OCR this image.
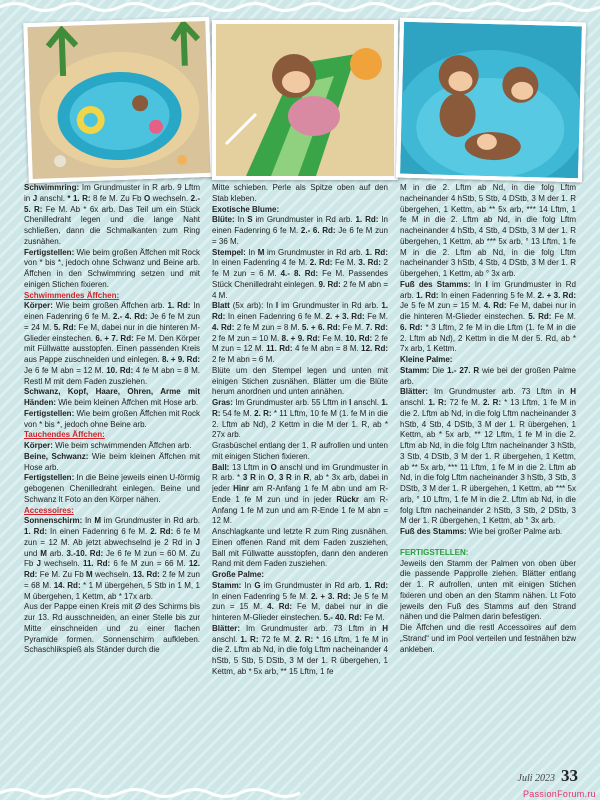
Schwimmring: Im Grundmuster in R arb. 9 Lftm in J anschl. * 1. R: 8 fe M. Zu Fb O wechseln. 2.- 5. R: Fe M. Ab * 6x arb. Das Teil um ein Stück Chenilledraht legen und die lange Naht schließen, dann die Schmalkanten zum Ring zusnähen.

Fertigstellen: Wie beim großen Äffchen mit Rock von * bis *, jedoch ohne Schwanz und Beine arb. Äffchen in den Schwimmring setzen und mit einigen Stichen fixieren.

Schwimmendes Äffchen:

Körper: Wie beim großen Äffchen arb. 1. Rd: In einen Fadenring 6 fe M. 2.- 4. Rd: Je 6 fe M zun = 24 M. 5. Rd: Fe M, dabei nur in die hinteren M-Glieder einstechen. 6. + 7. Rd: Fe M. Den Körper mit Füllwatte ausstopfen. Einen passenden Kreis aus Pappe zuschneiden und einlegen. 8. + 9. Rd: Je 6 fe M abn = 12 M. 10. Rd: 4 fe M abn = 8 M. Restl M mit dem Faden zusziehen.

Schwanz, Kopf, Haare, Ohren, Arme mit Händen: Wie beim kleinen Äffchen mit Hose arb.

Fertigstellen: Wie beim großen Äffchen mit Rock von * bis *, jedoch ohne Beine arb.

Tauchendes Äffchen:

Körper: Wie beim schwimmenden Äffchen arb.

Beine, Schwanz: Wie beim kleinen Äffchen mit Hose arb.

Fertigstellen: In die Beine jeweils einen U-förmig gebogenen Chenilledraht einlegen. Beine und Schwanz lt Foto an den Körper nähen.

Accessoires:

Sonnenschirm: In M im Grundmuster in Rd arb. 1. Rd: In einen Fadenring 6 fe M. 2. Rd: 6 fe M zun = 12 M. Ab jetzt abwechselnd je 2 Rd in J und M arb. 3.-10. Rd: Je 6 fe M zun = 60 M. Zu Fb J wechseln. 11. Rd: 6 fe M zun = 66 M. 12. Rd: Fe M. Zu Fb M wechseln. 13. Rd: 2 fe M zun = 68 M. 14. Rd: * 1 M übergehen, 5 Stb in 1 M, 1 M übergehen, 1 Kettm, ab * 17x arb.

Aus der Pappe einen Kreis mit Ø des Schirms bis zur 13. Rd ausschneiden, an einer Stelle bis zur Mitte einschneiden und zu einer flachen Pyramide formen. Sonnenschirm aufkleben. Schaschlikspieß als Ständer durch die

Mitte schieben. Perle als Spitze oben auf den Stab kleben.

Exotische Blume:

Blüte: In S im Grundmuster in Rd arb. 1. Rd: In einen Fadenring 6 fe M. 2.- 6. Rd: Je 6 fe M zun = 36 M.

Stempel: In M im Grundmuster in Rd arb. 1. Rd: In einen Fadenring 4 fe M. 2. Rd: Fe M. 3. Rd: 2 fe M zun = 6 M. 4.- 8. Rd: Fe M. Passendes Stück Chenilledraht einlegen. 9. Rd: 2 fe M abn = 4 M.

Blatt (5x arb): In I im Grundmuster in Rd arb. 1. Rd: In einen Fadenring 6 fe M. 2. + 3. Rd: Fe M. 4. Rd: 2 fe M zun = 8 M. 5. + 6. Rd: Fe M. 7. Rd: 2 fe M zun = 10 M. 8. + 9. Rd: Fe M. 10. Rd: 2 fe M zun = 12 M. 11. Rd: 4 fe M abn = 8 M. 12. Rd: 2 fe M abn = 6 M.

Blüte um den Stempel legen und unten mit einigen Stichen zusnähen. Blätter um die Blüte herum anordnen und unten annähen.

Gras: Im Grundmuster arb. 55 Lftm in I anschl. 1. R: 54 fe M. 2. R: * 11 Lftm, 10 fe M (1. fe M in die 2. Lftm ab Nd), 2 Kettm in die M der 1. R, ab * 27x arb.

Grasbüschel entlang der 1. R aufrollen und unten mit einigen Stichen fixieren.

Ball: 13 Lftm in O anschl und im Grundmuster in R arb. * 3 R in O, 3 R in R, ab * 3x arb, dabei in jeder Hinr am R-Anfang 1 fe M abn und am R-Ende 1 fe M zun und in jeder Rückr am R-Anfang 1 fe M zun und am R-Ende 1 fe M abn = 12 M.

Anschlagkante und letzte R zum Ring zusnähen. Einen offenen Rand mit dem Faden zusziehen, Ball mit Füllwatte ausstopfen, dann den anderen Rand mit dem Faden zusziehen.

Große Palme:

Stamm: In G im Grundmuster in Rd arb. 1. Rd: In einen Fadenring 5 fe M. 2. + 3. Rd: Je 5 fe M zun = 15 M. 4. Rd: Fe M, dabei nur in die hinteren M-Glieder einstechen. 5.- 40. Rd: Fe M.

Blätter: Im Grundmuster arb. 73 Lftm in H anschl. 1. R: 72 fe M. 2. R: * 16 Lftm, 1 fe M in die 2. Lftm ab Nd, in die folg Lftm nacheinander 4 hStb, 5 Stb, 5 DStb, 3 M der 1. R übergehen, 1 Kettm, ab * 5x arb, ** 15 Lftm, 1 fe

M in die 2. Lftm ab Nd, in die folg Lftm nacheinander 4 hStb, 5 Stb, 4 DStb, 3 M der 1. R übergehen, 1 Kettm, ab ** 5x arb, *** 14 Lftm, 1 fe M in die 2. Lftm ab Nd, in die folg Lftm nacheinander 4 hStb, 4 Stb, 4 DStb, 3 M der 1. R übergehen, 1 Kettm, ab *** 5x arb, ° 13 Lftm, 1 fe M in die 2. Lftm ab Nd, in die folg Lftm nacheinander 3 hStb, 4 Stb, 4 DStb, 3 M der 1. R übergehen, 1 Kettm, ab ° 3x arb.

Fuß des Stamms: In I im Grundmuster in Rd arb. 1. Rd: In einen Fadenring 5 fe M. 2. + 3. Rd: Je 5 fe M zun = 15 M. 4. Rd: Fe M, dabei nur in die hinteren M-Glieder einstechen. 5. Rd: Fe M. 6. Rd: * 3 Lftm, 2 fe M in die Lftm (1. fe M in die 2. Lftm ab Nd), 2 Kettm in die M der 5. Rd, ab * 7x arb, 1 Kettm.

Kleine Palme:

Stamm: Die 1.- 27. R wie bei der großen Palme arb.

Blätter: Im Grundmuster arb. 73 Lftm in H anschl. 1. R: 72 fe M. 2. R: * 13 Lftm, 1 fe M in die 2. Lftm ab Nd, in die folg Lftm nacheinander 3 hStb, 4 Stb, 4 DStb, 3 M der 1. R übergehen, 1 Kettm, ab * 5x arb, ** 12 Lftm, 1 fe M in die 2. Lftm ab Nd, in die folg Lftm nacheinander 3 hStb, 3 Stb, 4 DStb, 3 M der 1. R übergehen, 1 Kettm, ab ** 5x arb, *** 11 Lftm, 1 fe M in die 2. Lftm ab Nd, in die folg Lftm nacheinander 3 hStb, 3 Stb, 3 DStb, 3 M der 1. R übergehen, 1 Kettm, ab *** 5x arb, ° 10 Lftm, 1 fe M in die 2. Lftm ab Nd, in die folg Lftm nacheinander 2 hStb, 3 Stb, 2 DStb, 3 M der 1. R übergehen, 1 Kettm, ab ° 3x arb.

Fuß des Stamms: Wie bei großer Palme arb.

FERTIGSTELLEN:

Jeweils den Stamm der Palmen von oben über die passende Papprolle ziehen. Blätter entlang der 1. R aufrollen, unten mit einigen Stichen fixieren und oben an den Stamm nähen. Lt Foto jeweils den Fuß des Stamms auf den Strand nähen und die Palmen darin befestigen.

Die Äffchen und die restl Accessoires auf dem „Strand“ und im Pool verteilen und festnähen bzw ankleben.

Juli 2023 33
PassionForum.ru
